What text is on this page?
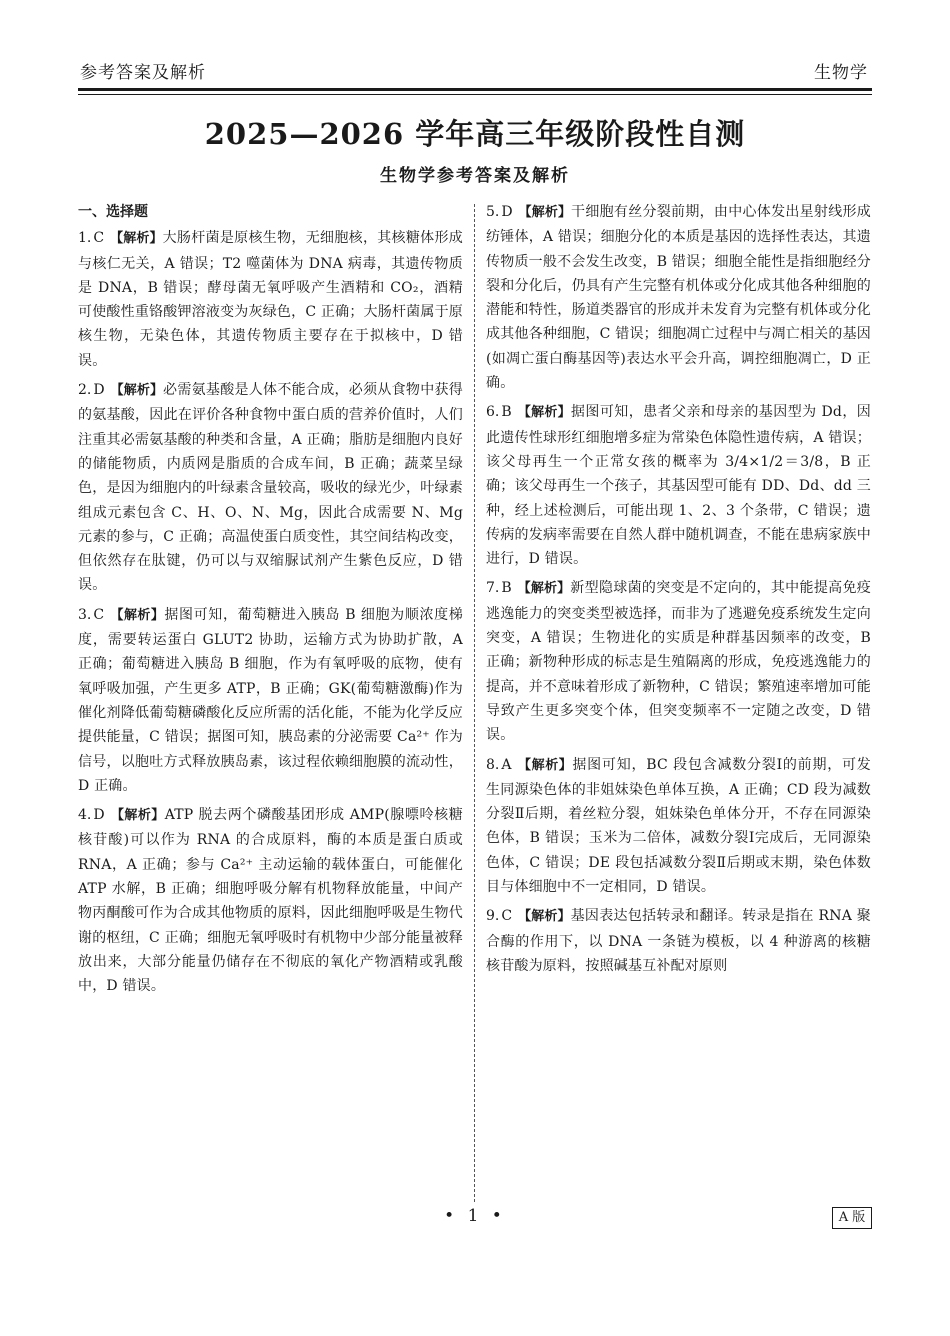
参考答案及解析	生物学
2025—2026 学年高三年级阶段性自测
生物学参考答案及解析
一、选择题
1. C 【解析】大肠杆菌是原核生物，无细胞核，其核糖体形成与核仁无关，A 错误；T2 噬菌体为 DNA 病毒，其遗传物质是 DNA，B 错误；酵母菌无氧呼吸产生酒精和 CO₂，酒精可使酸性重铬酸钾溶液变为灰绿色，C 正确；大肠杆菌属于原核生物，无染色体，其遗传物质主要存在于拟核中，D 错误。
2. D 【解析】必需氨基酸是人体不能合成，必须从食物中获得的氨基酸，因此在评价各种食物中蛋白质的营养价值时，人们注重其必需氨基酸的种类和含量，A 正确；脂肪是细胞内良好的储能物质，内质网是脂质的合成车间，B 正确；蔬菜呈绿色，是因为细胞内的叶绿素含量较高，吸收的绿光少，叶绿素组成元素包含 C、H、O、N、Mg，因此合成需要 N、Mg 元素的参与，C 正确；高温使蛋白质变性，其空间结构改变，但依然存在肽键，仍可以与双缩脲试剂产生紫色反应，D 错误。
3. C 【解析】据图可知，葡萄糖进入胰岛 B 细胞为顺浓度梯度，需要转运蛋白 GLUT2 协助，运输方式为协助扩散，A 正确；葡萄糖进入胰岛 B 细胞，作为有氧呼吸的底物，使有氧呼吸加强，产生更多 ATP，B 正确；GK(葡萄糖激酶)作为催化剂降低葡萄糖磷酸化反应所需的活化能，不能为化学反应提供能量，C 错误；据图可知，胰岛素的分泌需要 Ca²⁺ 作为信号，以胞吐方式释放胰岛素，该过程依赖细胞膜的流动性，D 正确。
4. D 【解析】ATP 脱去两个磷酸基团形成 AMP(腺嘌呤核糖核苷酸)可以作为 RNA 的合成原料，酶的本质是蛋白质或 RNA，A 正确；参与 Ca²⁺ 主动运输的载体蛋白，可能催化 ATP 水解，B 正确；细胞呼吸分解有机物释放能量，中间产物丙酮酸可作为合成其他物质的原料，因此细胞呼吸是生物代谢的枢纽，C 正确；细胞无氧呼吸时有机物中少部分能量被释放出来，大部分能量仍储存在不彻底的氧化产物酒精或乳酸中，D 错误。
5. D 【解析】干细胞有丝分裂前期，由中心体发出星射线形成纺锤体，A 错误；细胞分化的本质是基因的选择性表达，其遗传物质一般不会发生改变，B 错误；细胞全能性是指细胞经分裂和分化后，仍具有产生完整有机体或分化成其他各种细胞的潜能和特性，肠道类器官的形成并未发育为完整有机体或分化成其他各种细胞，C 错误；细胞凋亡过程中与凋亡相关的基因(如凋亡蛋白酶基因等)表达水平会升高，调控细胞凋亡，D 正确。
6. B 【解析】据图可知，患者父亲和母亲的基因型为 Dd，因此遗传性球形红细胞增多症为常染色体隐性遗传病，A 错误；该父母再生一个正常女孩的概率为 3/4×1/2＝3/8，B 正确；该父母再生一个孩子，其基因型可能有 DD、Dd、dd 三种，经上述检测后，可能出现 1、2、3 个条带，C 错误；遗传病的发病率需要在自然人群中随机调查，不能在患病家族中进行，D 错误。
7. B 【解析】新型隐球菌的突变是不定向的，其中能提高免疫逃逸能力的突变类型被选择，而非为了逃避免疫系统发生定向突变，A 错误；生物进化的实质是种群基因频率的改变，B 正确；新物种形成的标志是生殖隔离的形成，免疫逃逸能力的提高，并不意味着形成了新物种，C 错误；繁殖速率增加可能导致产生更多突变个体，但突变频率不一定随之改变，D 错误。
8. A 【解析】据图可知，BC 段包含减数分裂Ⅰ的前期，可发生同源染色体的非姐妹染色单体互换，A 正确；CD 段为减数分裂Ⅱ后期，着丝粒分裂，姐妹染色单体分开，不存在同源染色体，B 错误；玉米为二倍体，减数分裂Ⅰ完成后，无同源染色体，C 错误；DE 段包括减数分裂Ⅱ后期或末期，染色体数目与体细胞中不一定相同，D 错误。
9. C 【解析】基因表达包括转录和翻译。转录是指在 RNA 聚合酶的作用下，以 DNA 一条链为模板，以 4 种游离的核糖核苷酸为原料，按照碱基互补配对原则
• 1 •	A 版
